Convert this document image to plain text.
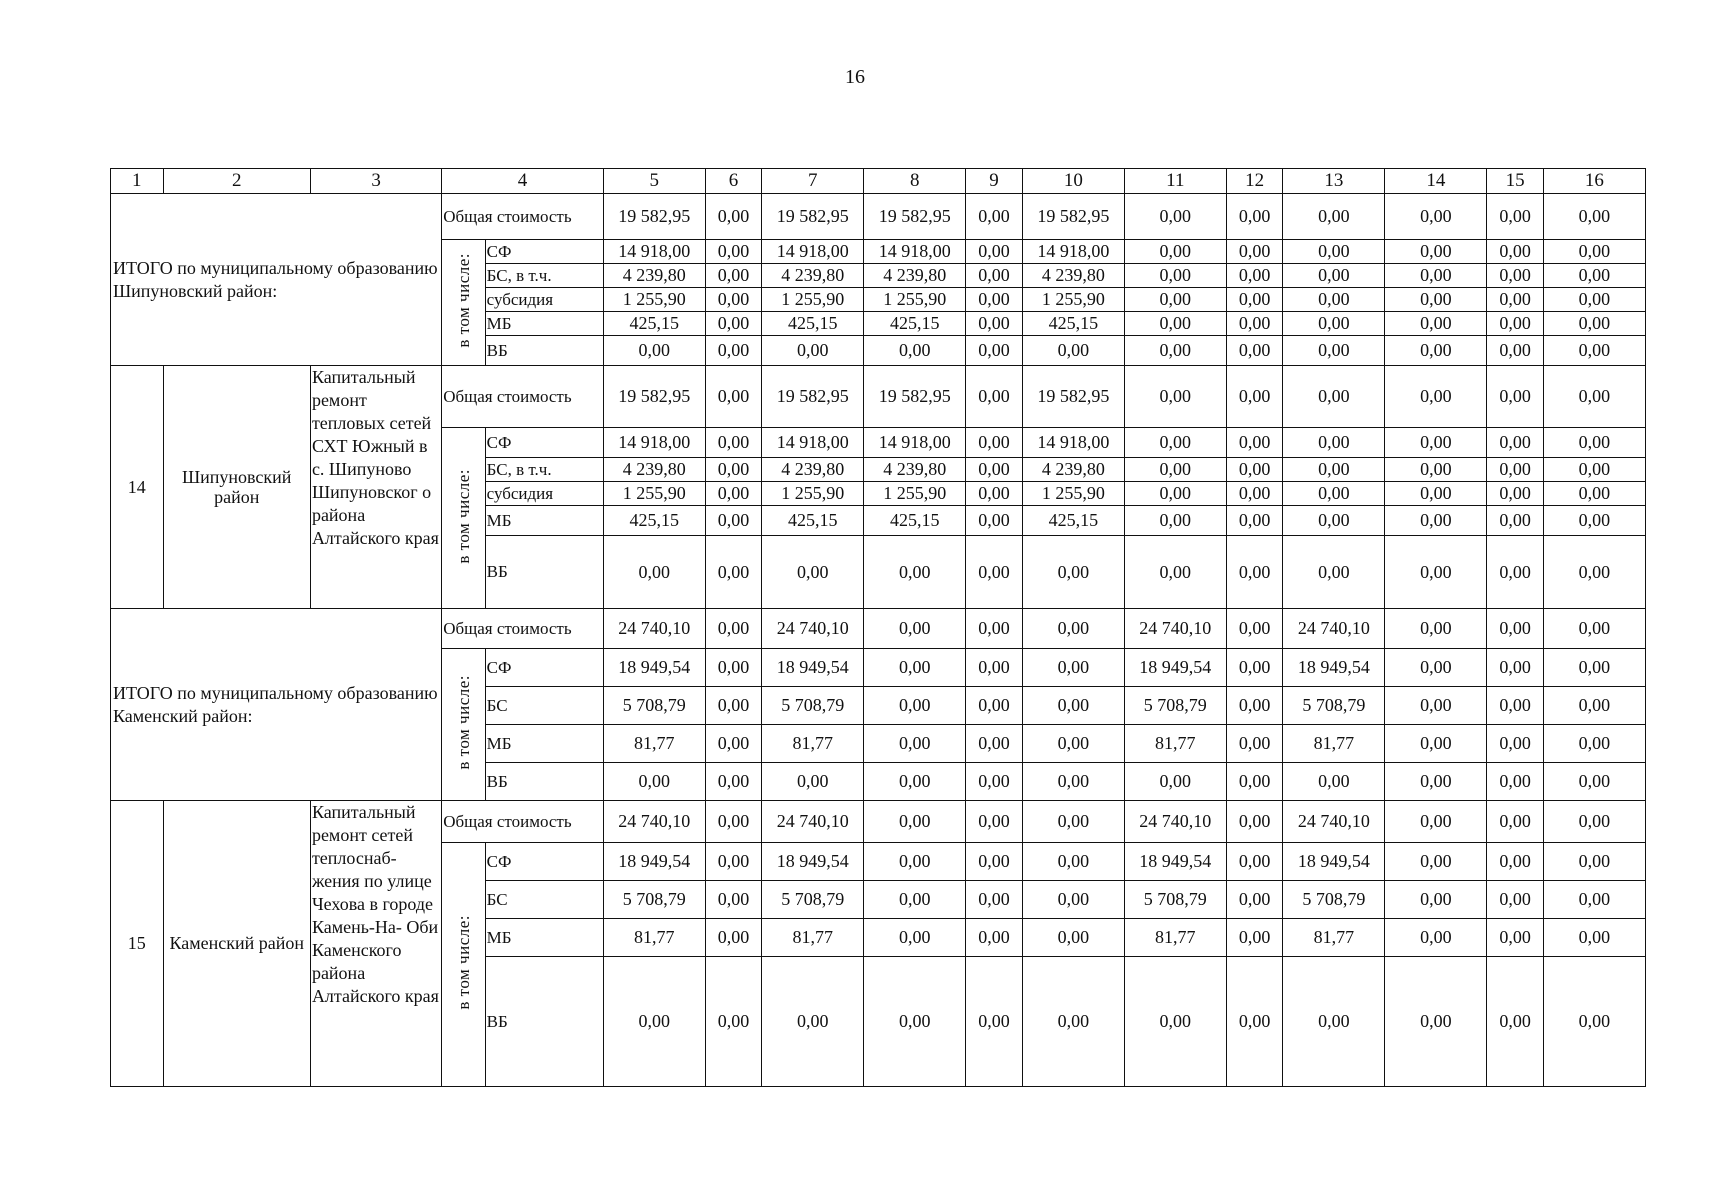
16
1	2	3	4		5	6	7	8	9	10	11	12	13	14	15	16
ИТОГО по муниципальному образованию Шипуновский район:			Общая стоимость		19 582,95	0,00	19 582,95	19 582,95	0,00	19 582,95	0,00	0,00	0,00	0,00	0,00	0,00
			в том числе:	СФ	14 918,00	0,00	14 918,00	14 918,00	0,00	14 918,00	0,00	0,00	0,00	0,00	0,00	0,00
				БС, в т.ч.	4 239,80	0,00	4 239,80	4 239,80	0,00	4 239,80	0,00	0,00	0,00	0,00	0,00	0,00
				субсидия	1 255,90	0,00	1 255,90	1 255,90	0,00	1 255,90	0,00	0,00	0,00	0,00	0,00	0,00
				МБ	425,15	0,00	425,15	425,15	0,00	425,15	0,00	0,00	0,00	0,00	0,00	0,00
				ВБ	0,00	0,00	0,00	0,00	0,00	0,00	0,00	0,00	0,00	0,00	0,00	0,00
14	Шипуновский район	Капитальный ремонт тепловых сетей СХТ Южный в с. Шипуново Шипуновског о района Алтайского края	Общая стоимость		19 582,95	0,00	19 582,95	19 582,95	0,00	19 582,95	0,00	0,00	0,00	0,00	0,00	0,00
			в том числе:	СФ	14 918,00	0,00	14 918,00	14 918,00	0,00	14 918,00	0,00	0,00	0,00	0,00	0,00	0,00
				БС, в т.ч.	4 239,80	0,00	4 239,80	4 239,80	0,00	4 239,80	0,00	0,00	0,00	0,00	0,00	0,00
				субсидия	1 255,90	0,00	1 255,90	1 255,90	0,00	1 255,90	0,00	0,00	0,00	0,00	0,00	0,00
				МБ	425,15	0,00	425,15	425,15	0,00	425,15	0,00	0,00	0,00	0,00	0,00	0,00
				ВБ	0,00	0,00	0,00	0,00	0,00	0,00	0,00	0,00	0,00	0,00	0,00	0,00
ИТОГО по муниципальному образованию Каменский район:			Общая стоимость		24 740,10	0,00	24 740,10	0,00	0,00	0,00	24 740,10	0,00	24 740,10	0,00	0,00	0,00
			в том числе:	СФ	18 949,54	0,00	18 949,54	0,00	0,00	0,00	18 949,54	0,00	18 949,54	0,00	0,00	0,00
				БС	5 708,79	0,00	5 708,79	0,00	0,00	0,00	5 708,79	0,00	5 708,79	0,00	0,00	0,00
				МБ	81,77	0,00	81,77	0,00	0,00	0,00	81,77	0,00	81,77	0,00	0,00	0,00
				ВБ	0,00	0,00	0,00	0,00	0,00	0,00	0,00	0,00	0,00	0,00	0,00	0,00
15	Каменский район	Капитальный ремонт сетей теплоснаб- жения по улице Чехова в городе Камень-На- Оби Каменского района Алтайского края	Общая стоимость		24 740,10	0,00	24 740,10	0,00	0,00	0,00	24 740,10	0,00	24 740,10	0,00	0,00	0,00
			в том числе:	СФ	18 949,54	0,00	18 949,54	0,00	0,00	0,00	18 949,54	0,00	18 949,54	0,00	0,00	0,00
				БС	5 708,79	0,00	5 708,79	0,00	0,00	0,00	5 708,79	0,00	5 708,79	0,00	0,00	0,00
				МБ	81,77	0,00	81,77	0,00	0,00	0,00	81,77	0,00	81,77	0,00	0,00	0,00
				ВБ	0,00	0,00	0,00	0,00	0,00	0,00	0,00	0,00	0,00	0,00	0,00	0,00
